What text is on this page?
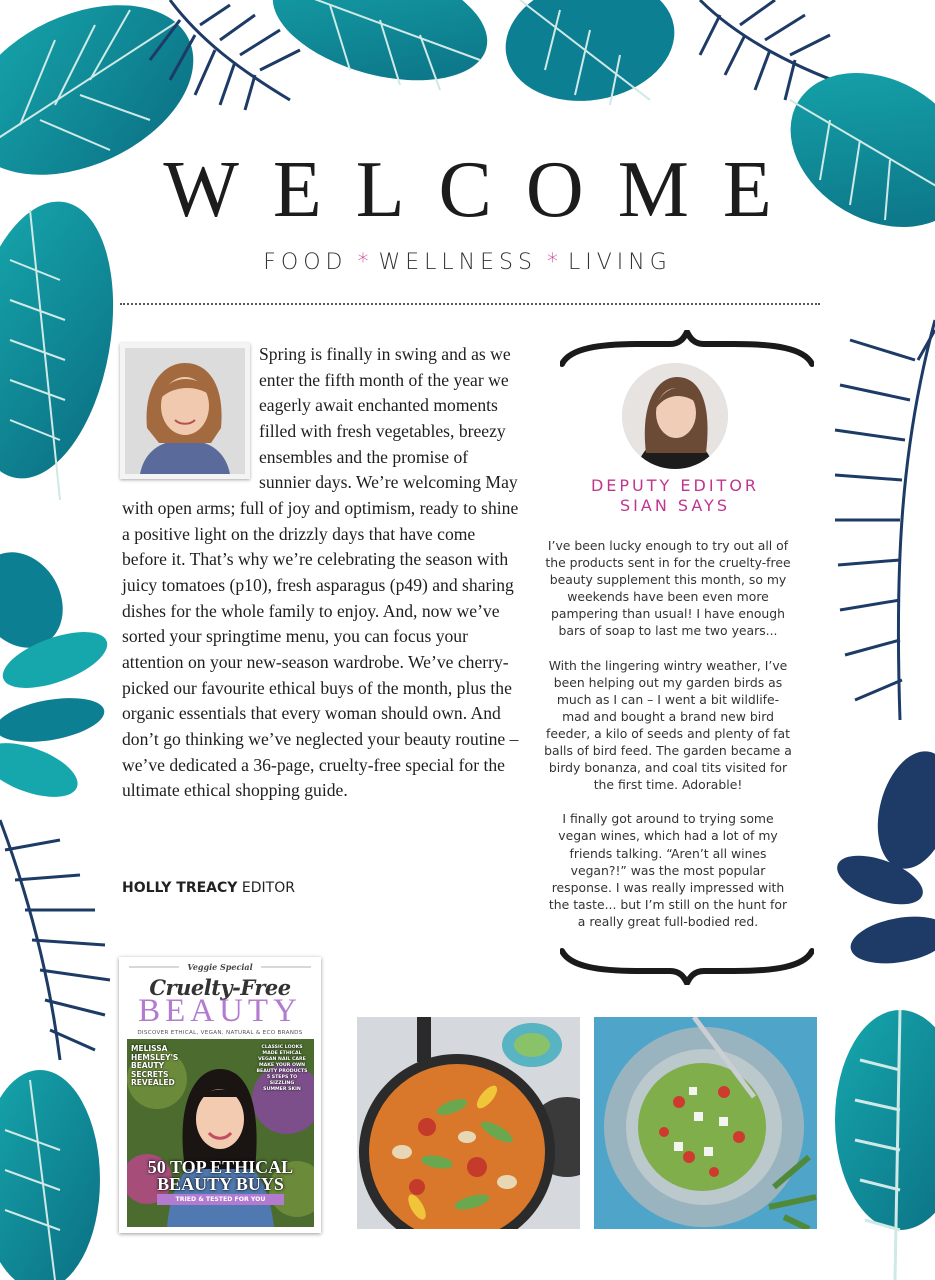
WELCOME
FOOD * WELLNESS * LIVING
Spring is finally in swing and as we enter the fifth month of the year we eagerly await enchanted moments filled with fresh vegetables, breezy ensembles and the promise of sunnier days. We’re welcoming May with open arms; full of joy and optimism, ready to shine a positive light on the drizzly days that have come before it. That’s why we’re celebrating the season with juicy tomatoes (p10), fresh asparagus (p49) and sharing dishes for the whole family to enjoy. And, now we’ve sorted your springtime menu, you can focus your attention on your new-season wardrobe. We’ve cherry-picked our favourite ethical buys of the month, plus the organic essentials that every woman should own. And don’t go thinking we’ve neglected your beauty routine – we’ve dedicated a 36-page, cruelty-free special for the ultimate ethical shopping guide.
HOLLY TREACY EDITOR
DEPUTY EDITOR
SIAN SAYS

I’ve been lucky enough to try out all of the products sent in for the cruelty-free beauty supplement this month, so my weekends have been even more pampering than usual! I have enough bars of soap to last me two years...

With the lingering wintry weather, I’ve been helping out my garden birds as much as I can – I went a bit wildlife-mad and bought a brand new bird feeder, a kilo of seeds and plenty of fat balls of bird feed. The garden became a birdy bonanza, and coal tits visited for the first time. Adorable!

I finally got around to trying some vegan wines, which had a lot of my friends talking. “Aren’t all wines vegan?!” was the most popular response. I was really impressed with the taste... but I’m still on the hunt for a really great full-bodied red.

Veggie Special
Cruelty-Free
BEAUTY
DISCOVER ETHICAL, VEGAN, NATURAL & ECO BRANDS
MELISSA
HEMSLEY'S
BEAUTY
SECRETS
REVEALED
CLASSIC LOOKS
MADE ETHICAL
VEGAN NAIL CARE
MAKE YOUR OWN
BEAUTY PRODUCTS
5 STEPS TO
SIZZLING
SUMMER SKIN
50 TOP ETHICAL
BEAUTY BUYS
TRIED & TESTED FOR YOU
